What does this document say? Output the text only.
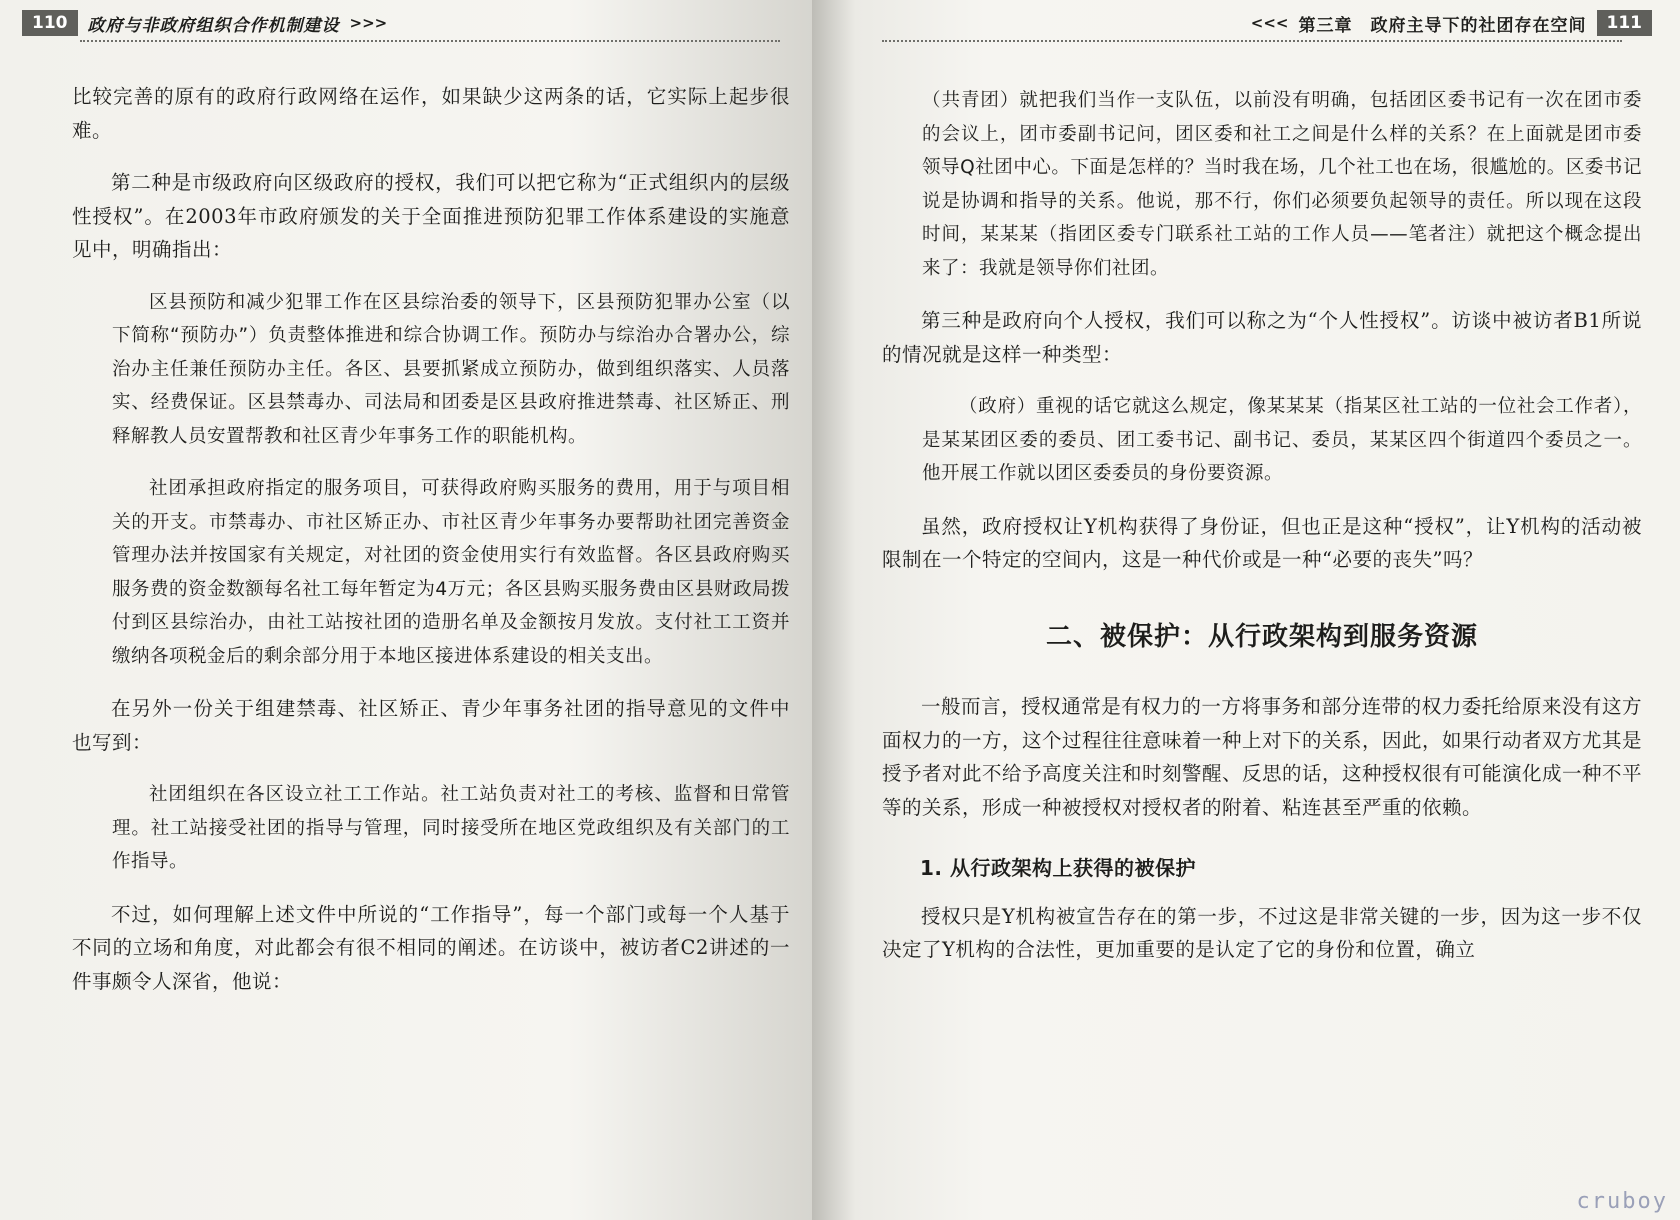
110	政府与非政府组织合作机制建设 >>>

比较完善的原有的政府行政网络在运作，如果缺少这两条的话，它实际上起步很难。

第二种是市级政府向区级政府的授权，我们可以把它称为“正式组织内的层级性授权”。在2003年市政府颁发的关于全面推进预防犯罪工作体系建设的实施意见中，明确指出：

区县预防和减少犯罪工作在区县综治委的领导下，区县预防犯罪办公室（以下简称“预防办”）负责整体推进和综合协调工作。预防办与综治办合署办公，综治办主任兼任预防办主任。各区、县要抓紧成立预防办，做到组织落实、人员落实、经费保证。区县禁毒办、司法局和团委是区县政府推进禁毒、社区矫正、刑释解教人员安置帮教和社区青少年事务工作的职能机构。

社团承担政府指定的服务项目，可获得政府购买服务的费用，用于与项目相关的开支。市禁毒办、市社区矫正办、市社区青少年事务办要帮助社团完善资金管理办法并按国家有关规定，对社团的资金使用实行有效监督。各区县政府购买服务费的资金数额每名社工每年暂定为4万元；各区县购买服务费由区县财政局拨付到区县综治办，由社工站按社团的造册名单及金额按月发放。支付社工工资并缴纳各项税金后的剩余部分用于本地区接进体系建设的相关支出。

在另外一份关于组建禁毒、社区矫正、青少年事务社团的指导意见的文件中也写到：

社团组织在各区设立社工工作站。社工站负责对社工的考核、监督和日常管理。社工站接受社团的指导与管理，同时接受所在地区党政组织及有关部门的工作指导。

不过，如何理解上述文件中所说的“工作指导”，每一个部门或每一个人基于不同的立场和角度，对此都会有很不相同的阐述。在访谈中，被访者C2讲述的一件事颇令人深省，他说：

<<< 第三章　政府主导下的社团存在空间	111

（共青团）就把我们当作一支队伍，以前没有明确，包括团区委书记有一次在团市委的会议上，团市委副书记问，团区委和社工之间是什么样的关系？在上面就是团市委领导Q社团中心。下面是怎样的？当时我在场，几个社工也在场，很尴尬的。区委书记说是协调和指导的关系。他说，那不行，你们必须要负起领导的责任。所以现在这段时间，某某某（指团区委专门联系社工站的工作人员——笔者注）就把这个概念提出来了：我就是领导你们社团。

第三种是政府向个人授权，我们可以称之为“个人性授权”。访谈中被访者B1所说的情况就是这样一种类型：

（政府）重视的话它就这么规定，像某某某（指某区社工站的一位社会工作者），是某某团区委的委员、团工委书记、副书记、委员，某某区四个街道四个委员之一。他开展工作就以团区委委员的身份要资源。

虽然，政府授权让Y机构获得了身份证，但也正是这种“授权”，让Y机构的活动被限制在一个特定的空间内，这是一种代价或是一种“必要的丧失”吗？

二、被保护：从行政架构到服务资源

一般而言，授权通常是有权力的一方将事务和部分连带的权力委托给原来没有这方面权力的一方，这个过程往往意味着一种上对下的关系，因此，如果行动者双方尤其是授予者对此不给予高度关注和时刻警醒、反思的话，这种授权很有可能演化成一种不平等的关系，形成一种被授权对授权者的附着、粘连甚至严重的依赖。

1. 从行政架构上获得的被保护

授权只是Y机构被宣告存在的第一步，不过这是非常关键的一步，因为这一步不仅决定了Y机构的合法性，更加重要的是认定了它的身份和位置，确立

cruboy
